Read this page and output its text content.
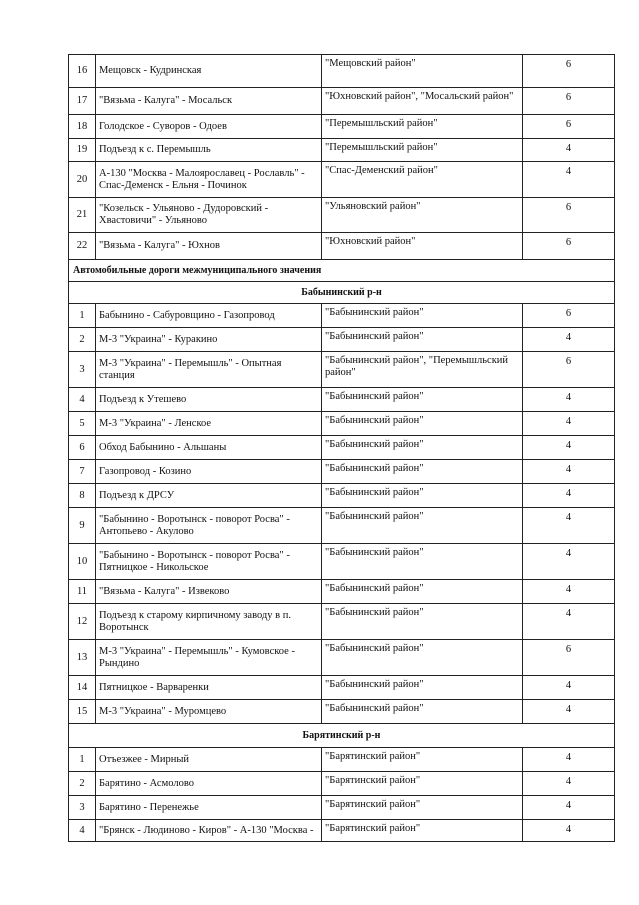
16	Мещовск - Кудринская	"Мещовский район"	6
17	"Вязьма - Калуга" - Мосальск	"Юхновский район", "Мосальский район"	6
18	Голодское - Суворов - Одоев	"Перемышльский район"	6
19	Подъезд к с. Перемышль	"Перемышльский район"	4
20	А-130 "Москва - Малоярославец - Рославль" - Спас-Деменск - Ельня - Починок	"Спас-Деменский район"	4
21	"Козельск - Ульяново - Дудоровский - Хвастовичи" - Ульяново	"Ульяновский район"	6
22	"Вязьма - Калуга" - Юхнов	"Юхновский район"	6
Автомобильные дороги межмуниципального значения			
Бабынинский р-н			
1	Бабынино - Сабуровщино - Газопровод	"Бабынинский район"	6
2	М-3 "Украина" - Куракино	"Бабынинский район"	4
3	М-3 "Украина" - Перемышль" - Опытная станция	"Бабынинский район", "Перемышльский район"	6
4	Подъезд к Утешево	"Бабынинский район"	4
5	М-3 "Украина" - Ленское	"Бабынинский район"	4
6	Обход Бабынино - Альшаны	"Бабынинский район"	4
7	Газопровод - Козино	"Бабынинский район"	4
8	Подъезд к ДРСУ	"Бабынинский район"	4
9	"Бабынино - Воротынск - поворот Росва" - Антопьево - Акулово	"Бабынинский район"	4
10	"Бабынино - Воротынск - поворот Росва" - Пятницкое - Никольское	"Бабынинский район"	4
11	"Вязьма - Калуга" - Извеково	"Бабынинский район"	4
12	Подъезд к старому кирпичному заводу в п. Воротынск	"Бабынинский район"	4
13	М-3 "Украина" - Перемышль" - Кумовское - Рындино	"Бабынинский район"	6
14	Пятницкое - Варваренки	"Бабынинский район"	4
15	М-3 "Украина" - Муромцево	"Бабынинский район"	4
Барятинский р-н			
1	Отъезжее - Мирный	"Барятинский район"	4
2	Барятино - Асмолово	"Барятинский район"	4
3	Барятино - Перенежье	"Барятинский район"	4
4	"Брянск - Людиново - Киров" - А-130 "Москва -	"Барятинский район"	4
